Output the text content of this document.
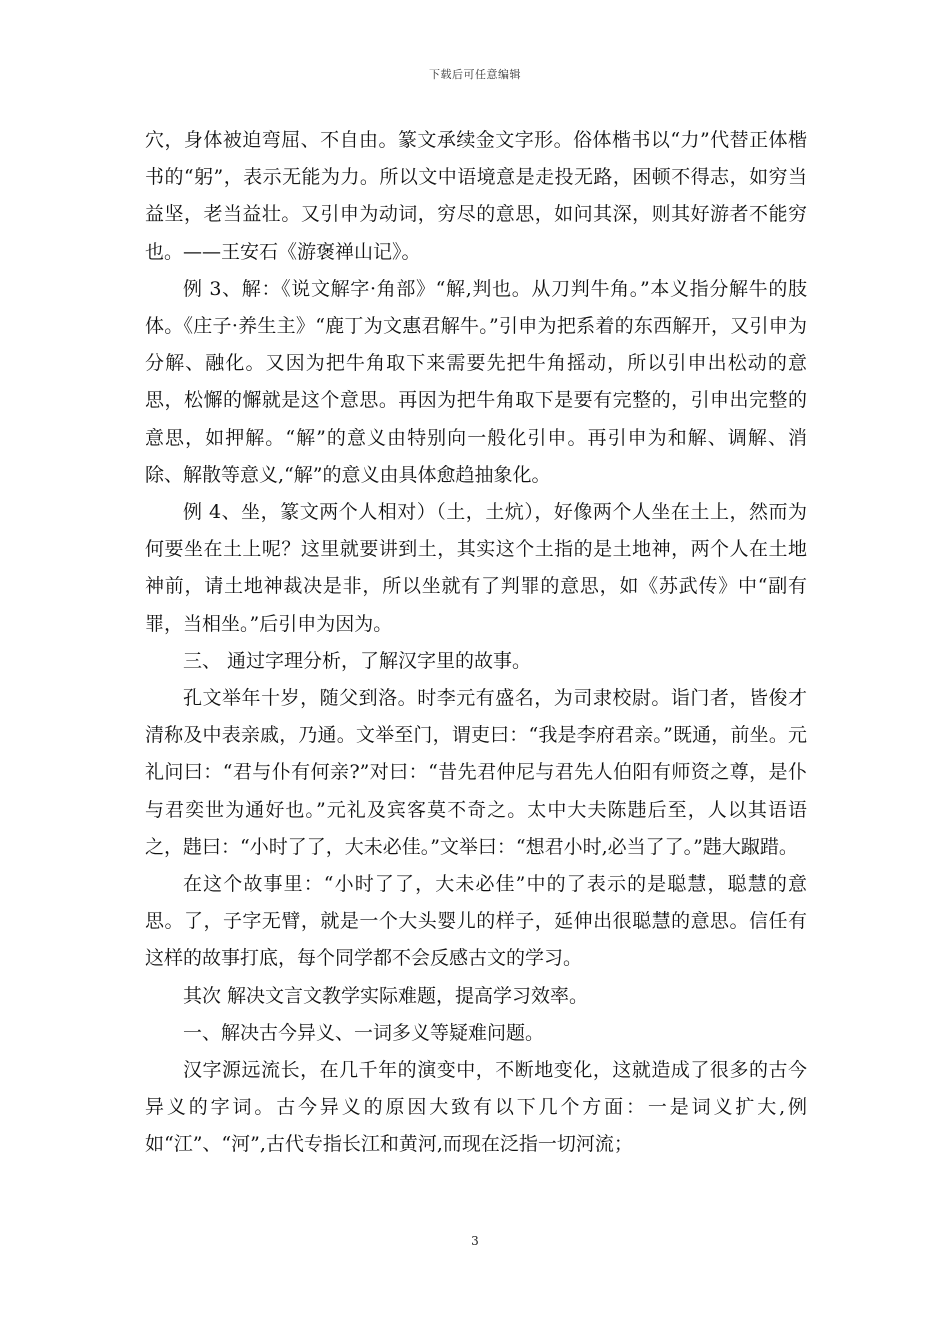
下载后可任意编辑

穴，身体被迫弯屈、不自由。篆文承续金文字形。俗体楷书以“力”代替正体楷书的“躬”，表示无能为力。所以文中语境意是走投无路，困顿不得志，如穷当益坚，老当益壮。又引申为动词，穷尽的意思，如问其深，则其好游者不能穷也。——王安石《游褒禅山记》。

例 3、解：《说文解字·角部》“解,判也。从刀判牛角。”本义指分解牛的肢体。《庄子·养生主》“鹿丁为文惠君解牛。”引申为把系着的东西解开，又引申为分解、融化。又因为把牛角取下来需要先把牛角摇动，所以引申出松动的意思，松懈的懈就是这个意思。再因为把牛角取下是要有完整的，引申出完整的意思，如押解。“解”的意义由特别向一般化引申。再引申为和解、调解、消除、解散等意义,“解”的意义由具体愈趋抽象化。

例 4、坐，篆文两个人相对）（土，土炕），好像两个人坐在土上，然而为何要坐在土上呢？这里就要讲到土，其实这个土指的是土地神，两个人在土地神前，请土地神裁决是非，所以坐就有了判罪的意思，如《苏武传》中“副有罪，当相坐。”后引申为因为。

三、 通过字理分析，了解汉字里的故事。

孔文举年十岁，随父到洛。时李元有盛名，为司隶校尉。诣门者，皆俊才清称及中表亲戚，乃通。文举至门，谓吏曰：“我是李府君亲。”既通，前坐。元礼问曰：“君与仆有何亲?”对曰：“昔先君仲尼与君先人伯阳有师资之尊，是仆与君奕世为通好也。”元礼及宾客莫不奇之。太中大夫陈韪后至，人以其语语之，韪曰：“小时了了，大未必佳。”文举曰：“想君小时,必当了了。”韪大踧踖。

在这个故事里：“小时了了，大未必佳”中的了表示的是聪慧，聪慧的意思。了，子字无臂，就是一个大头婴儿的样子，延伸出很聪慧的意思。信任有这样的故事打底，每个同学都不会反感古文的学习。

其次 解决文言文教学实际难题，提高学习效率。

一、解决古今异义、一词多义等疑难问题。

汉字源远流长，在几千年的演变中，不断地变化，这就造成了很多的古今异义的字词。古今异义的原因大致有以下几个方面：一是词义扩大,例如“江”、“河”,古代专指长江和黄河,而现在泛指一切河流；

3
